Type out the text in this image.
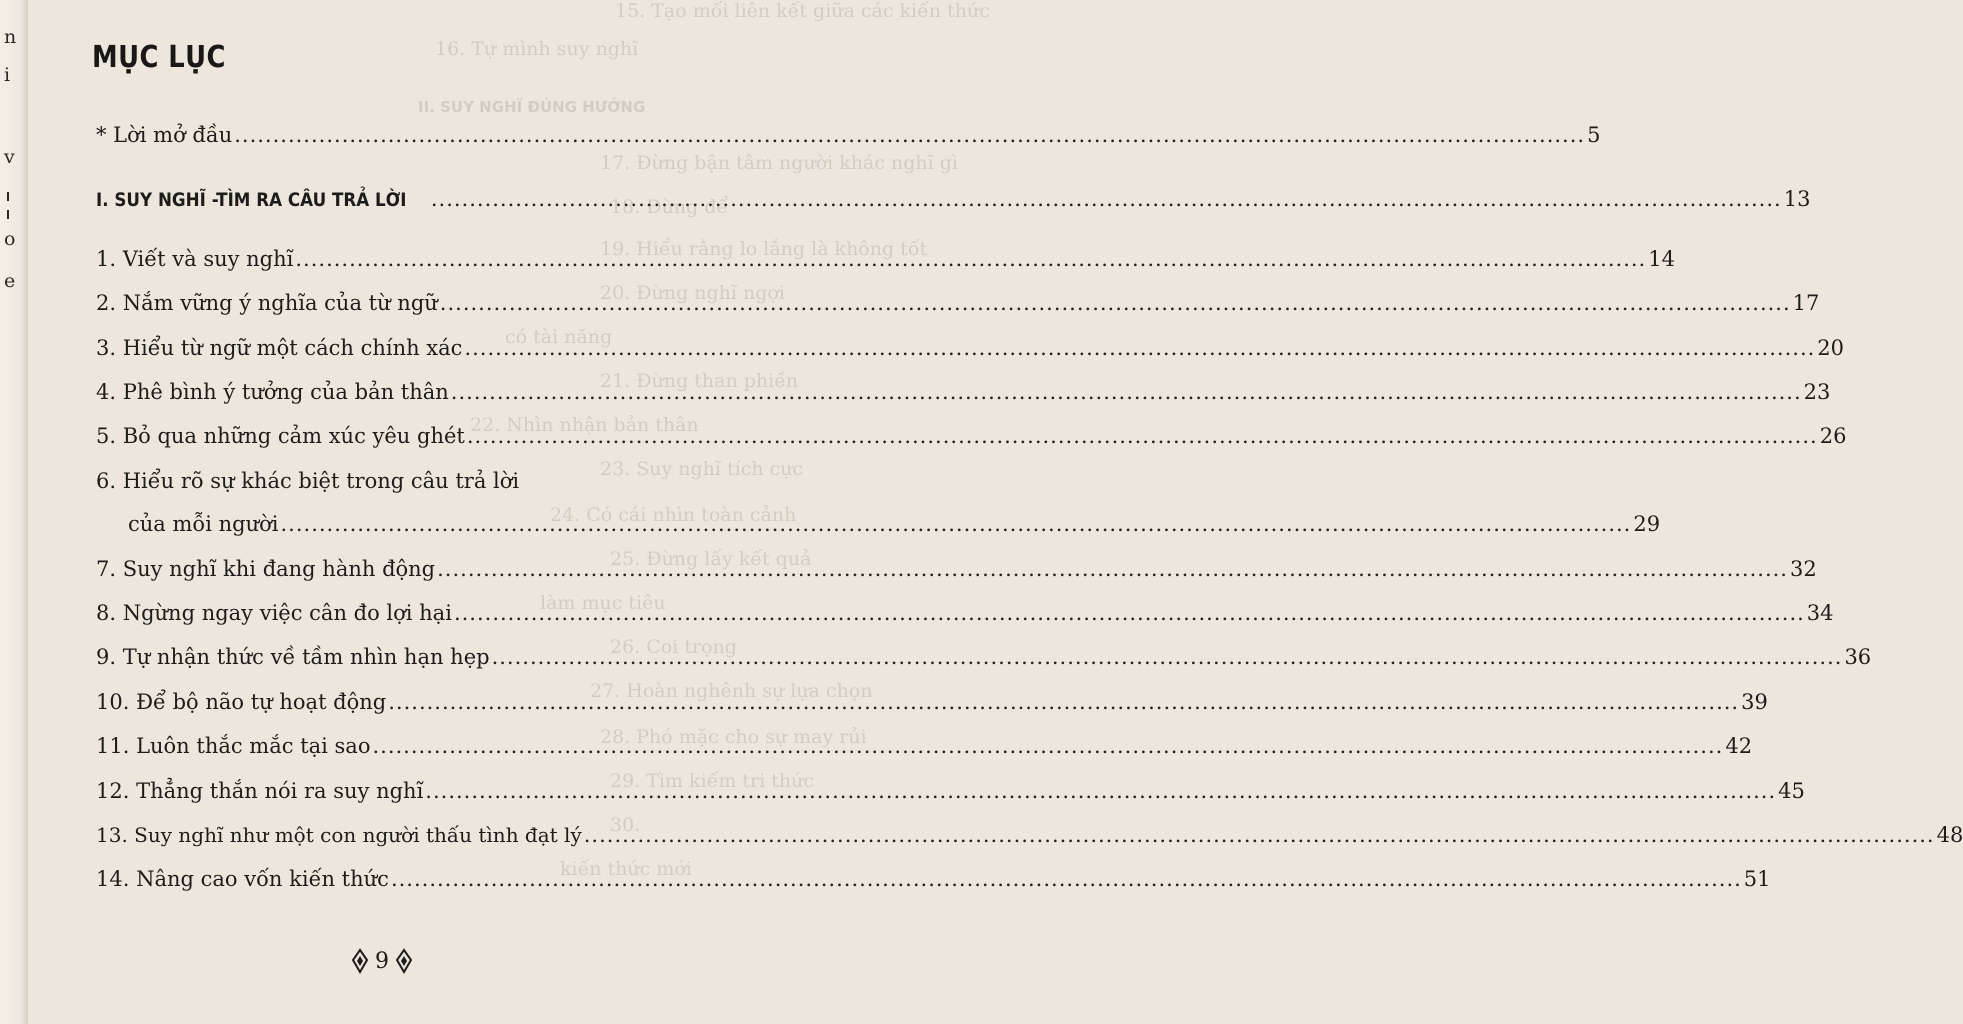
n
i
v
o
e
15. Tạo mối liên kết giữa các kiến thức
16. Tự mình suy nghĩ
II. SUY NGHĨ ĐÚNG HƯỚNG
17. Đừng bận tâm người khác nghĩ gì
18. Đừng để
19. Hiểu rằng lo lắng là không tốt
20. Đừng nghĩ ngợi
có tài năng
21. Đừng than phiền
22. Nhìn nhận bản thân
23. Suy nghĩ tích cực
24. Có cái nhìn toàn cảnh
25. Đừng lấy kết quả
làm mục tiêu
26. Coi trọng
27. Hoàn nghênh sự lựa chọn
28. Phó mặc cho sự may rủi
29. Tìm kiếm tri thức
30.
kiến thức mới
MỤC LỤC
* Lời mở đầu .....	5
I. SUY NGHĨ -TÌM RA CÂU TRẢ LỜI .....	13
1. Viết và suy nghĩ .....	14
2. Nắm vững ý nghĩa của từ ngữ .....	17
3. Hiểu từ ngữ một cách chính xác .....	20
4. Phê bình ý tưởng của bản thân .....	23
5. Bỏ qua những cảm xúc yêu ghét .....	26
6. Hiểu rõ sự khác biệt trong câu trả lời
của mỗi người .....	29
7. Suy nghĩ khi đang hành động .....	32
8. Ngừng ngay việc cân đo lợi hại .....	34
9. Tự nhận thức về tầm nhìn hạn hẹp .....	36
10. Để bộ não tự hoạt động .....	39
11. Luôn thắc mắc tại sao .....	42
12. Thẳng thắn nói ra suy nghĩ .....	45
13. Suy nghĩ như một con người thấu tình đạt lý .....	48
14. Nâng cao vốn kiến thức .....	51
9
